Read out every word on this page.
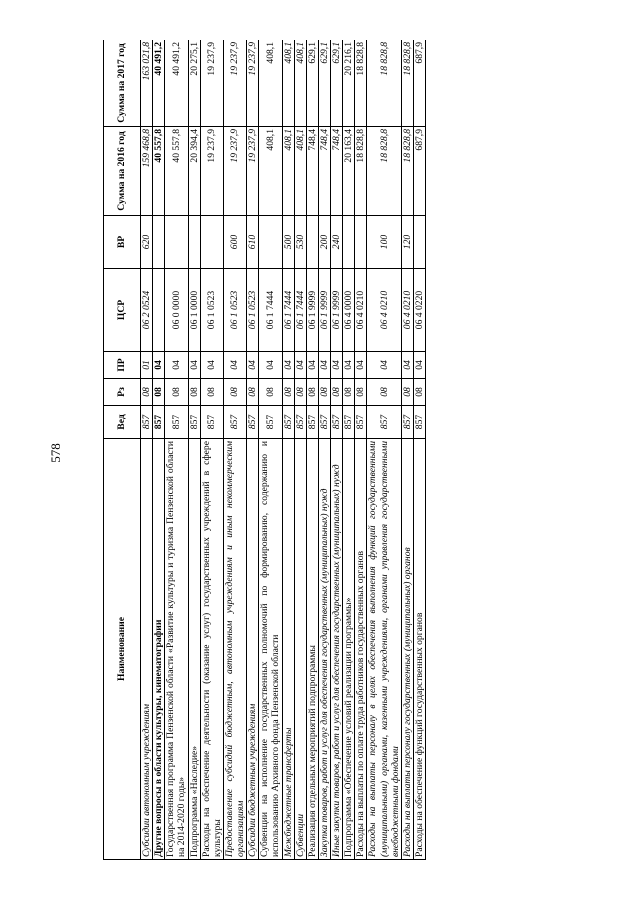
578
Наименование	Вед	Рз	ПР	ЦСР	ВР	Сумма на 2016 год	Сумма на 2017 год
Субсидии автономным учреждениям	857	08	01	06 2 0524	620	159 468,8	163 021,8
Другие вопросы в области культуры, кинематографии	857	08	04			40 557,8	40 491,2
Государственная программа Пензенской области «Развитие культуры и туризма Пензенской области на 2014-2020 годы»	857	08	04	06 0 0000		40 557,8	40 491,2
Подпрограмма «Наследие»	857	08	04	06 1 0000		20 394,4	20 275,1
Расходы на обеспечение деятельности (оказание услуг) государственных учреждений в сфере культуры	857	08	04	06 1 0523		19 237,9	19 237,9
Предоставление субсидий бюджетным, автономным учреждениям и иным некоммерческим организациям	857	08	04	06 1 0523	600	19 237,9	19 237,9
Субсидии бюджетным учреждениям	857	08	04	06 1 0523	610	19 237,9	19 237,9
Субвенции на исполнение государственных полномочий по формированию, содержанию и использованию Архивного фонда Пензенской области	857	08	04	06 1 7444		408,1	408,1
Межбюджетные трансферты	857	08	04	06 1 7444	500	408,1	408,1
Субвенции	857	08	04	06 1 7444	530	408,1	408,1
Реализация отдельных мероприятий подпрограммы	857	08	04	06 1 9999		748,4	629,1
Закупка товаров, работ и услуг для обеспечения государственных (муниципальных) нужд	857	08	04	06 1 9999	200	748,4	629,1
Иные закупки товаров, работ и услуг для обеспечения государственных (муниципальных) нужд	857	08	04	06 1 9999	240	748,4	629,1
Подпрограмма «Обеспечение условий реализации программы»	857	08	04	06 4 0000		20 163,4	20 216,1
Расходы на выплаты по оплате труда работников государственных органов	857	08	04	06 4 0210		18 828,8	18 828,8
Расходы на выплаты персоналу в целях обеспечения выполнения функций государственными (муниципальными) органами, казенными учреждениями, органами управления государственными внебюджетными фондами	857	08	04	06 4 0210	100	18 828,8	18 828,8
Расходы на выплаты персоналу государственных (муниципальных) органов	857	08	04	06 4 0210	120	18 828,8	18 828,8
Расходы на обеспечение функций государственных органов	857	08	04	06 4 0220		687,9	687,9
